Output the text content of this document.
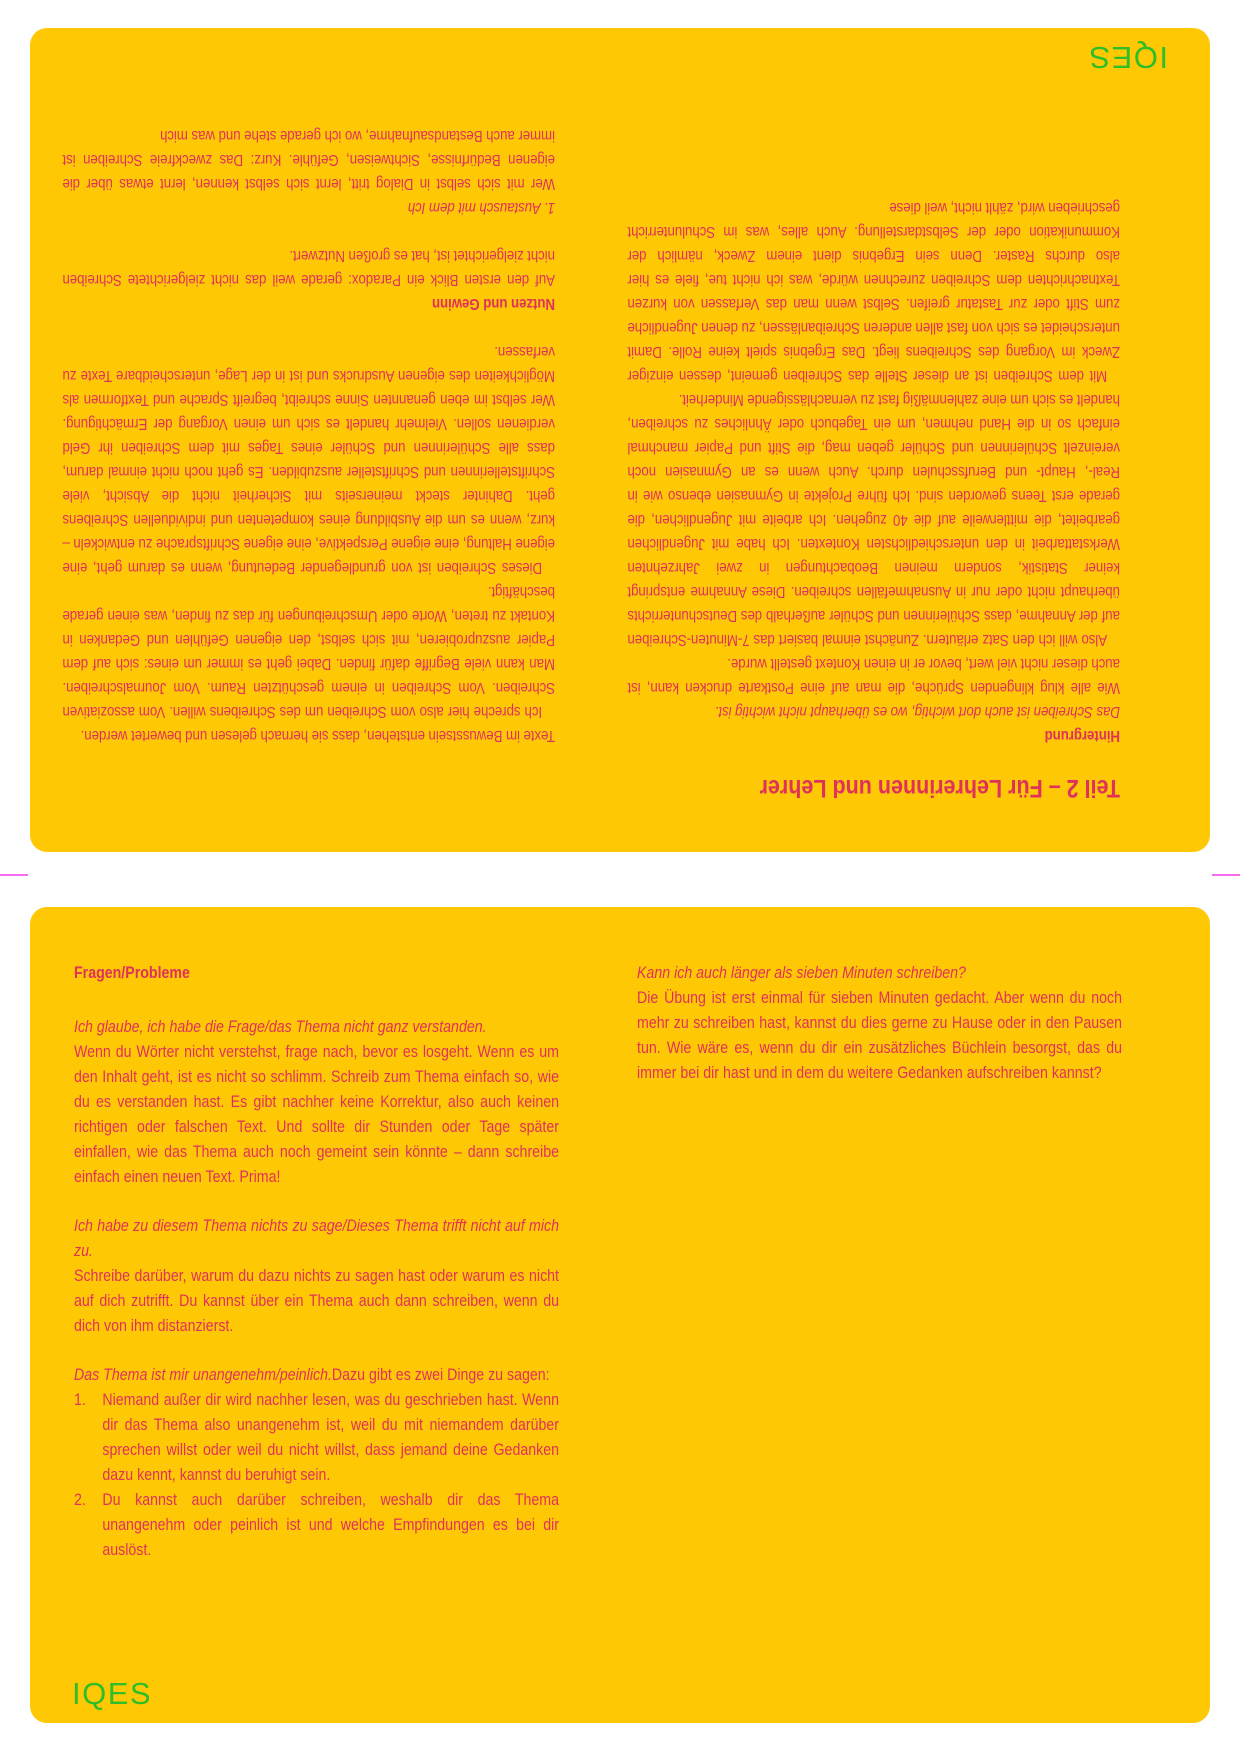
Teil 2 – Für Lehrerinnen und Lehrer

Hintergrund

Das Schreiben ist auch dort wichtig, wo es überhaupt nicht wichtig ist.

Wie alle klug klingenden Sprüche, die man auf eine Postkarte drucken kann, ist auch dieser nicht viel wert, bevor er in einen Kontext gestellt wurde.

Also will ich den Satz erläutern. Zunächst einmal basiert das 7-Minuten-Schreiben auf der Annahme, dass Schülerinnen und Schüler außerhalb des Deutschunterrichts überhaupt nicht oder nur in Ausnahmefällen schreiben. Diese Annahme entspringt keiner Statistik, sondern meinen Beobachtungen in zwei Jahrzehnten Werkstattarbeit in den unterschiedlichsten Kontexten. Ich habe mit Jugendlichen gearbeitet, die mittlerweile auf die 40 zugehen. Ich arbeite mit Jugendlichen, die gerade erst Teens geworden sind. Ich führe Projekte in Gymnasien ebenso wie in Real-, Haupt- und Berufsschulen durch. Auch wenn es an Gymnasien noch vereinzelt Schülerinnen und Schüler geben mag, die Stift und Papier manchmal einfach so in die Hand nehmen, um ein Tagebuch oder Ähnliches zu schreiben, handelt es sich um eine zahlenmäßig fast zu vernachlässigende Minderheit.

Mit dem Schreiben ist an dieser Stelle das Schreiben gemeint, dessen einziger Zweck im Vorgang des Schreibens liegt. Das Ergebnis spielt keine Rolle. Damit unterscheidet es sich von fast allen anderen Schreibanlässen, zu denen Jugendliche zum Stift oder zur Tastatur greifen. Selbst wenn man das Verfassen von kurzen Textnachrichten dem Schreiben zurechnen würde, was ich nicht tue, fiele es hier also durchs Raster. Denn sein Ergebnis dient einem Zweck, nämlich der Kommunikation oder der Selbstdarstellung. Auch alles, was im Schulunterricht geschrieben wird, zählt nicht, weil diese

Texte im Bewusstsein entstehen, dass sie hernach gelesen und bewertet werden.

Ich spreche hier also vom Schreiben um des Schreibens willen. Vom assoziativen Schreiben. Vom Schreiben in einem geschützten Raum. Vom Journalschreiben. Man kann viele Begriffe dafür finden. Dabei geht es immer um eines: sich auf dem Papier auszuprobieren, mit sich selbst, den eigenen Gefühlen und Gedanken in Kontakt zu treten, Worte oder Umschreibungen für das zu finden, was einen gerade beschäftigt.

Dieses Schreiben ist von grundlegender Bedeutung, wenn es darum geht, eine eigene Haltung, eine eigene Perspektive, eine eigene Schriftsprache zu entwickeln – kurz, wenn es um die Ausbildung eines kompetenten und individuellen Schreibens geht. Dahinter steckt meinerseits mit Sicherheit nicht die Absicht, viele Schriftstellerinnen und Schriftsteller auszubilden. Es geht noch nicht einmal darum, dass alle Schülerinnen und Schüler eines Tages mit dem Schreiben ihr Geld verdienen sollen. Vielmehr handelt es sich um einen Vorgang der Ermächtigung. Wer selbst im eben genannten Sinne schreibt, begreift Sprache und Textformen als Möglichkeiten des eigenen Ausdrucks und ist in der Lage, unterscheidbare Texte zu verfassen.

Nutzen und Gewinn

Auf den ersten Blick ein Paradox: gerade weil das nicht zielgerichtete Schreiben nicht zielgerichtet ist, hat es großen Nutzwert.

1. Austausch mit dem Ich

Wer mit sich selbst in Dialog tritt, lernt sich selbst kennen, lernt etwas über die eigenen Bedürfnisse, Sichtweisen, Gefühle. Kurz: Das zweckfreie Schreiben ist immer auch Bestandsaufnahme, wo ich gerade stehe und was mich

IQES

Fragen/Probleme

Ich glaube, ich habe die Frage/das Thema nicht ganz verstanden.

Wenn du Wörter nicht verstehst, frage nach, bevor es losgeht. Wenn es um den Inhalt geht, ist es nicht so schlimm. Schreib zum Thema einfach so, wie du es verstanden hast. Es gibt nachher keine Korrektur, also auch keinen richtigen oder falschen Text. Und sollte dir Stunden oder Tage später einfallen, wie das Thema auch noch gemeint sein könnte – dann schreibe einfach einen neuen Text. Prima!

Ich habe zu diesem Thema nichts zu sage/Dieses Thema trifft nicht auf mich zu.

Schreibe darüber, warum du dazu nichts zu sagen hast oder warum es nicht auf dich zutrifft. Du kannst über ein Thema auch dann schreiben, wenn du dich von ihm distanzierst.

Das Thema ist mir unangenehm/peinlich.Dazu gibt es zwei Dinge zu sagen:

1.	Niemand außer dir wird nachher lesen, was du geschrieben hast. Wenn dir das Thema also unangenehm ist, weil du mit niemandem darüber sprechen willst oder weil du nicht willst, dass jemand deine Gedanken dazu kennt, kannst du beruhigt sein.
2.	Du kannst auch darüber schreiben, weshalb dir das Thema unangenehm oder peinlich ist und welche Empfindungen es bei dir auslöst.

Kann ich auch länger als sieben Minuten schreiben?

Die Übung ist erst einmal für sieben Minuten gedacht. Aber wenn du noch mehr zu schreiben hast, kannst du dies gerne zu Hause oder in den Pausen tun. Wie wäre es, wenn du dir ein zusätzliches Büchlein besorgst, das du immer bei dir hast und in dem du weitere Gedanken aufschreiben kannst?

IQES
